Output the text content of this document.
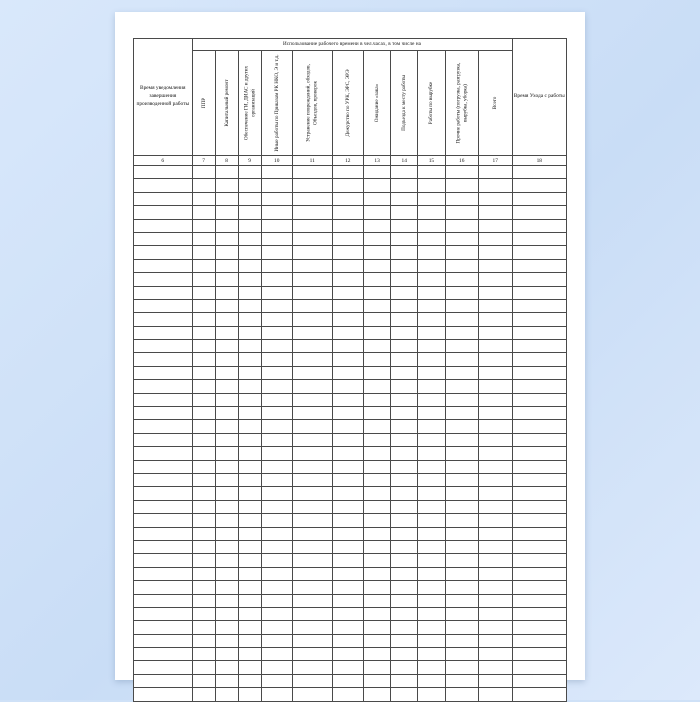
Время уведомления завершения производенной работы	Использование рабочего времени в чел.часах, в том числе на											Время Ухода с работы

	ППР	Капитальный ремонт	Обеспечение ГИ, ДИАС и других организаций	Иные работы по Приказам РК НКО, Э и т.д.	Устранение повреждений, обходов, Объездов, проверок	Дежурство по УРК, ЭРС, ЭРЭ	Ожидание «зака»	Подъезда к месту работы	Работы по вырубке	Прочие работы (погрузка, разгрузка, вырубка, уборка)	Всего	

6	7	8	9	10	11	12	13	14	15	16	17	18
